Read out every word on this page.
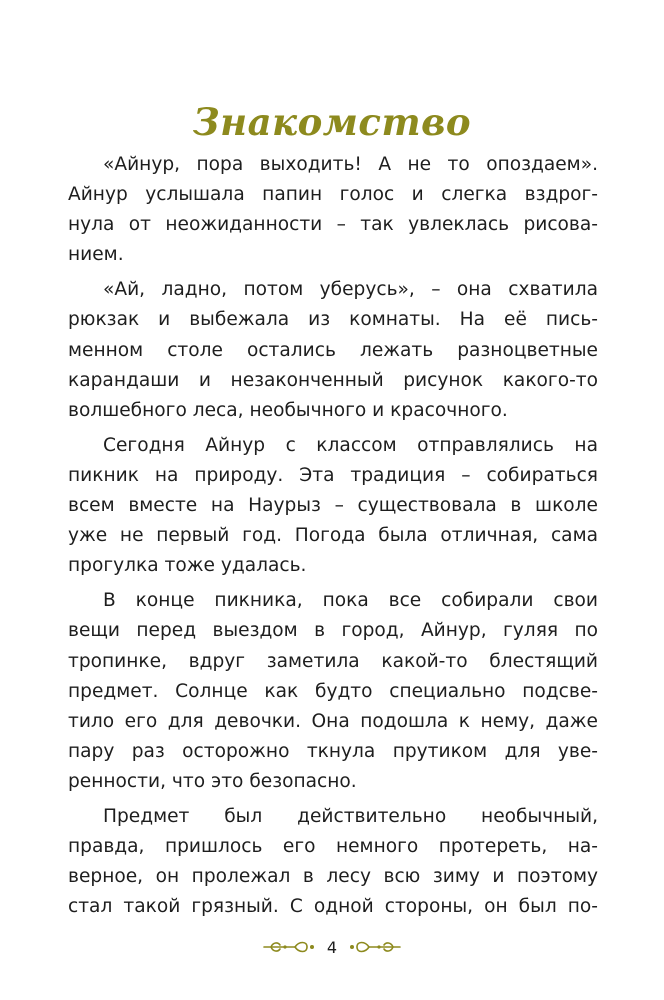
Знакомство

«Айнур, пора выходить! А не то опоздаем».
Айнур услышала папин голос и слегка вздрог-
нула от неожиданности – так увлеклась рисова-
нием.

«Ай, ладно, потом уберусь», – она схватила
рюкзак и выбежала из комнаты. На её пись-
менном столе остались лежать разноцветные
карандаши и незаконченный рисунок какого-то
волшебного леса, необычного и красочного.

Сегодня Айнур с классом отправлялись на
пикник на природу. Эта традиция – собираться
всем вместе на Наурыз – существовала в школе
уже не первый год. Погода была отличная, сама
прогулка тоже удалась.

В конце пикника, пока все собирали свои
вещи перед выездом в город, Айнур, гуляя по
тропинке, вдруг заметила какой-то блестящий
предмет. Солнце как будто специально подсве-
тило его для девочки. Она подошла к нему, даже
пару раз осторожно ткнула прутиком для уве-
ренности, что это безопасно.

Предмет был действительно необычный,
правда, пришлось его немного протереть, на-
верное, он пролежал в лесу всю зиму и поэтому
стал такой грязный. С одной стороны, он был по-

4
